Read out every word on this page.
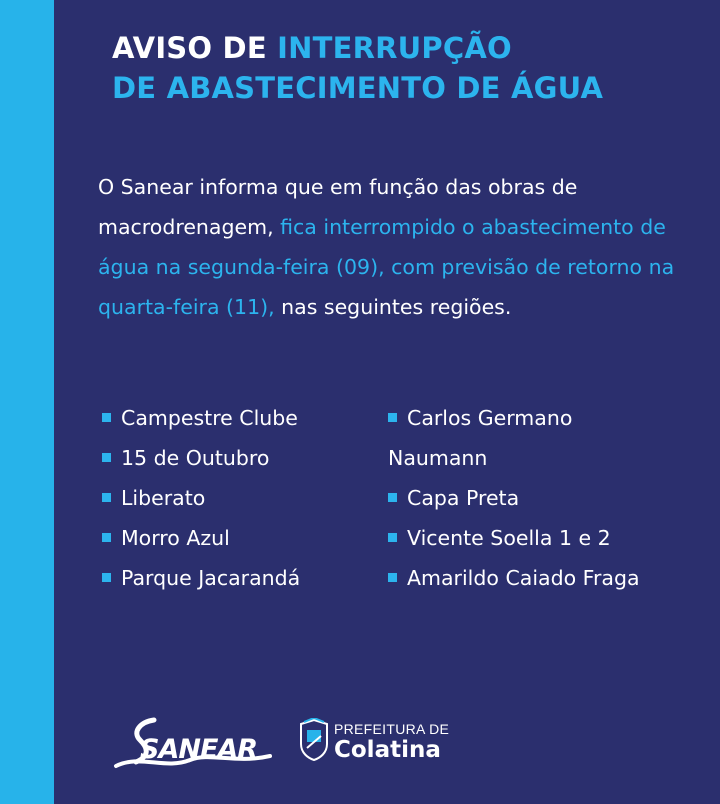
AVISO DE INTERRUPÇÃO
DE ABASTECIMENTO DE ÁGUA

O Sanear informa que em função das obras de macrodrenagem, fica interrompido o abastecimento de água na segunda-feira (09), com previsão de retorno na quarta-feira (11), nas seguintes regiões.

Campestre Clube
15 de Outubro
Liberato
Morro Azul
Parque Jacarandá
Carlos Germano
Naumann
Capa Preta
Vicente Soella 1 e 2
Amarildo Caiado Fraga
SANEAR
PREFEITURA DE
Colatina
